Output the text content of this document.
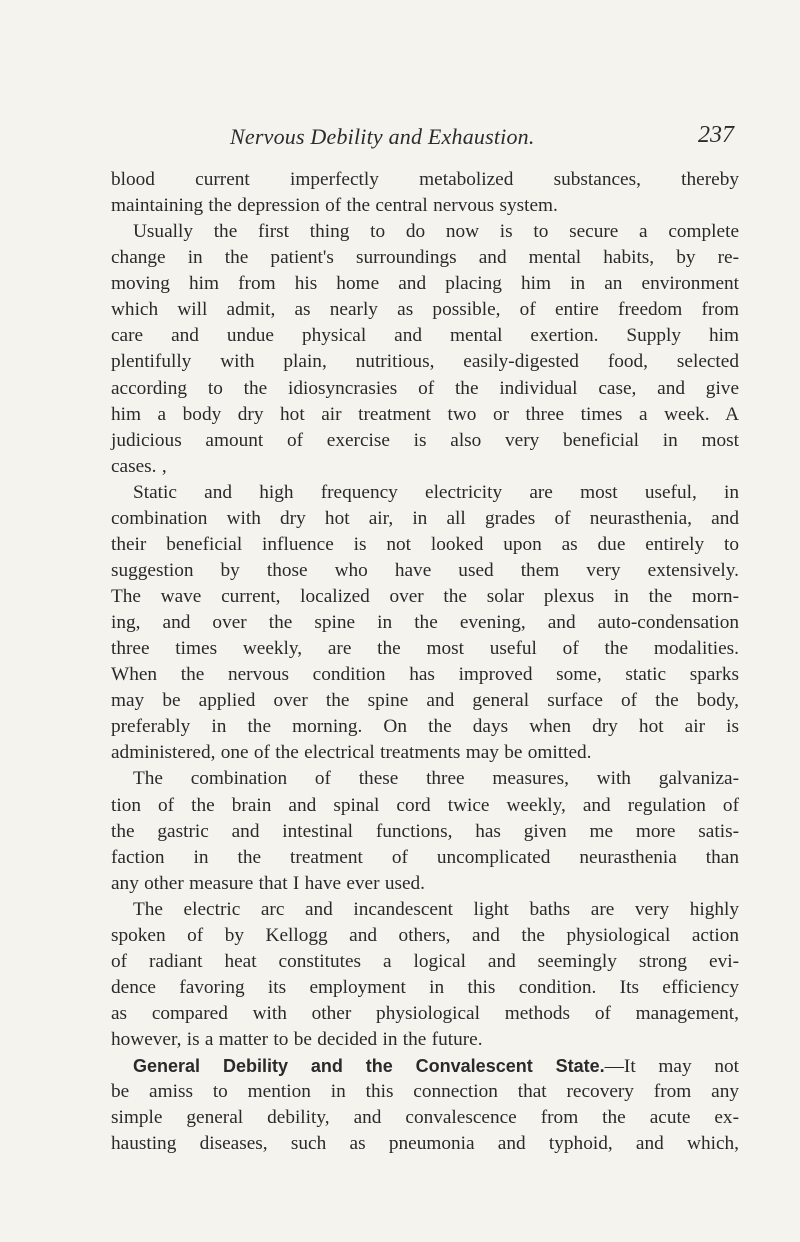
Nervous Debility and Exhaustion.	237
blood current imperfectly metabolized substances, thereby
maintaining the depression of the central nervous system.
Usually the first thing to do now is to secure a complete
change in the patient's surroundings and mental habits, by re-
moving him from his home and placing him in an environment
which will admit, as nearly as possible, of entire freedom from
care and undue physical and mental exertion. Supply him
plentifully with plain, nutritious, easily-digested food, selected
according to the idiosyncrasies of the individual case, and give
him a body dry hot air treatment two or three times a week. A
judicious amount of exercise is also very beneficial in most
cases. ,
Static and high frequency electricity are most useful, in
combination with dry hot air, in all grades of neurasthenia, and
their beneficial influence is not looked upon as due entirely to
suggestion by those who have used them very extensively.
The wave current, localized over the solar plexus in the morn-
ing, and over the spine in the evening, and auto-condensation
three times weekly, are the most useful of the modalities.
When the nervous condition has improved some, static sparks
may be applied over the spine and general surface of the body,
preferably in the morning. On the days when dry hot air is
administered, one of the electrical treatments may be omitted.
The combination of these three measures, with galvaniza-
tion of the brain and spinal cord twice weekly, and regulation of
the gastric and intestinal functions, has given me more satis-
faction in the treatment of uncomplicated neurasthenia than
any other measure that I have ever used.
The electric arc and incandescent light baths are very highly
spoken of by Kellogg and others, and the physiological action
of radiant heat constitutes a logical and seemingly strong evi-
dence favoring its employment in this condition. Its efficiency
as compared with other physiological methods of management,
however, is a matter to be decided in the future.
General Debility and the Convalescent State.—It may not
be amiss to mention in this connection that recovery from any
simple general debility, and convalescence from the acute ex-
hausting diseases, such as pneumonia and typhoid, and which,
